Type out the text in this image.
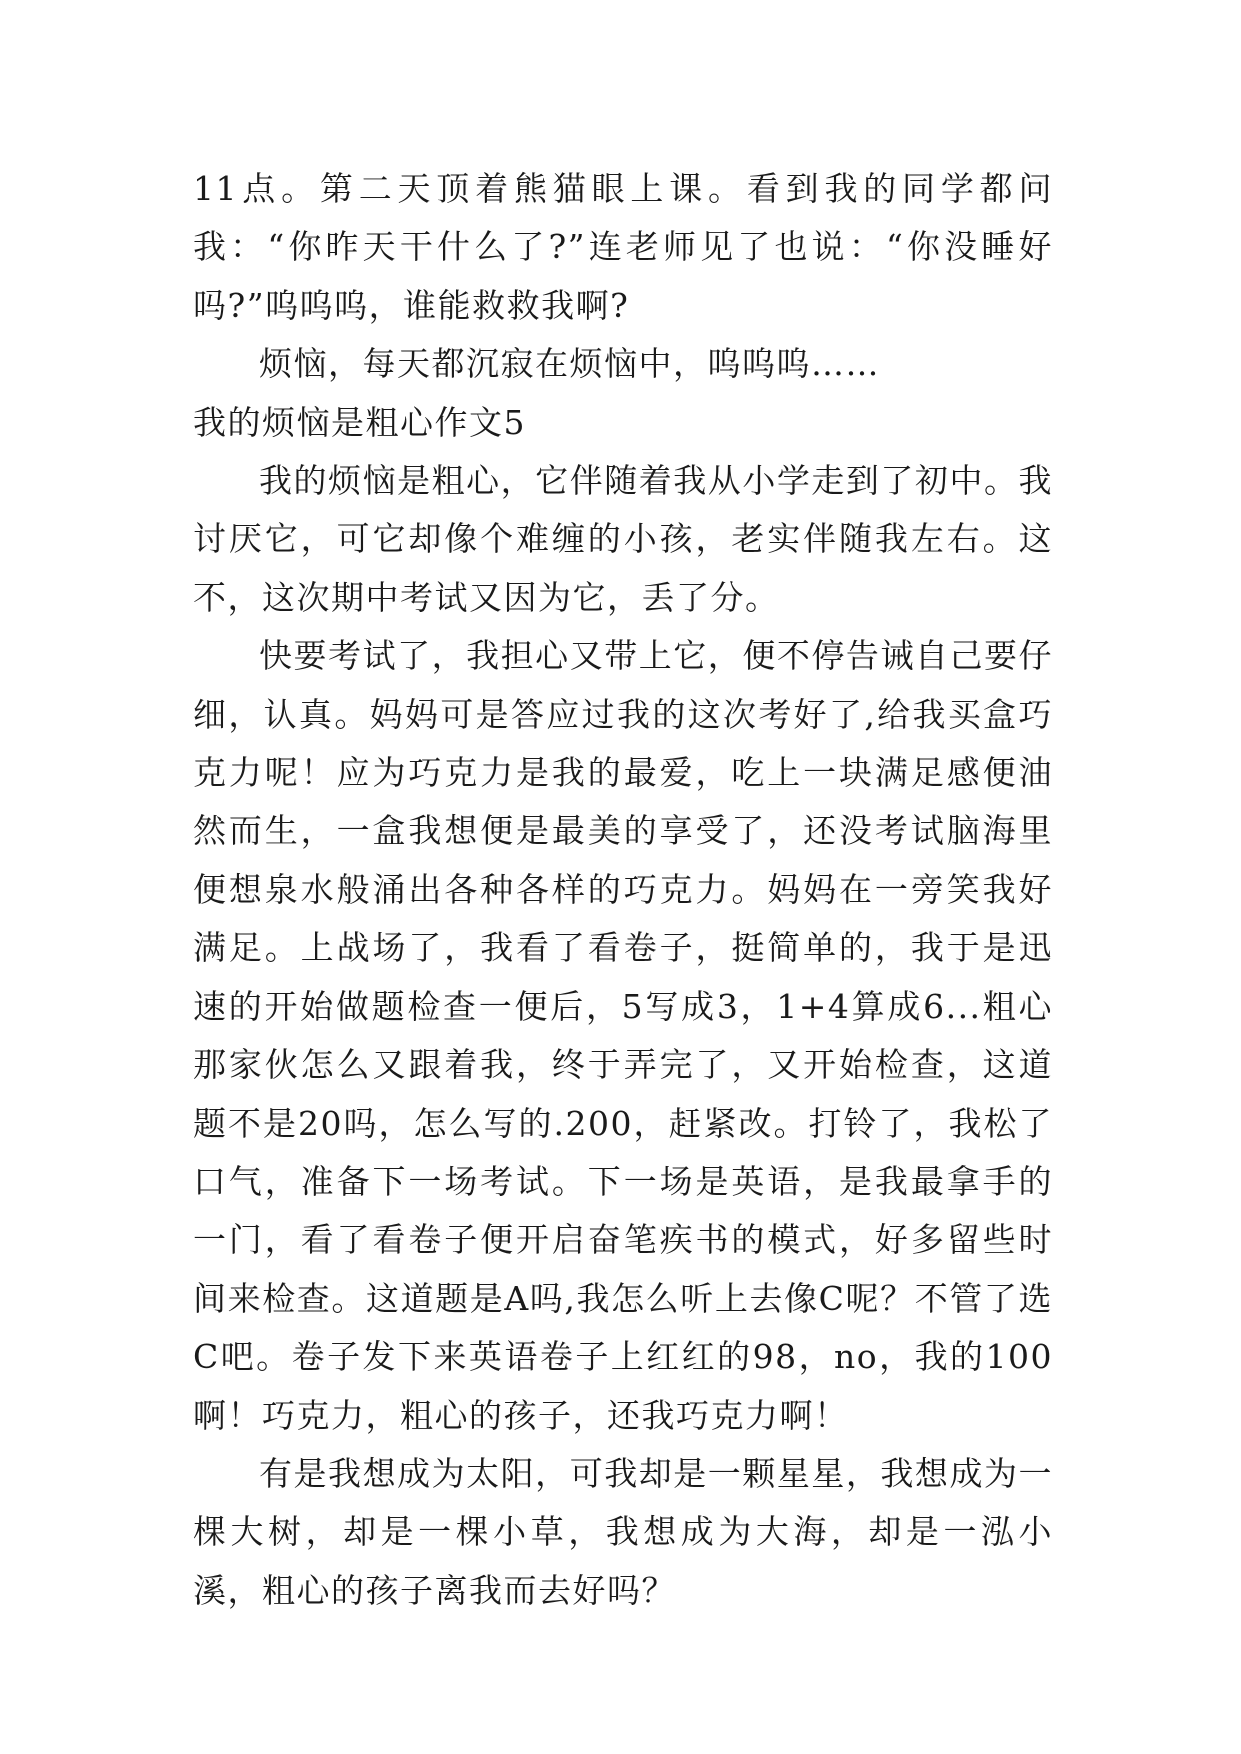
11点。第二天顶着熊猫眼上课。看到我的同学都问我：“你昨天干什么了?”连老师见了也说：“你没睡好吗?”呜呜呜，谁能救救我啊?

烦恼，每天都沉寂在烦恼中，呜呜呜……

我的烦恼是粗心作文5

我的烦恼是粗心，它伴随着我从小学走到了初中。我讨厌它，可它却像个难缠的小孩，老实伴随我左右。这不，这次期中考试又因为它，丢了分。

快要考试了，我担心又带上它，便不停告诫自己要仔细，认真。妈妈可是答应过我的这次考好了,给我买盒巧克力呢！应为巧克力是我的最爱，吃上一块满足感便油然而生，一盒我想便是最美的享受了，还没考试脑海里便想泉水般涌出各种各样的巧克力。妈妈在一旁笑我好满足。上战场了，我看了看卷子，挺简单的，我于是迅速的开始做题检查一便后，5写成3，1+4算成6...粗心那家伙怎么又跟着我，终于弄完了，又开始检查，这道题不是20吗，怎么写的.200，赶紧改。打铃了，我松了口气，准备下一场考试。下一场是英语，是我最拿手的一门，看了看卷子便开启奋笔疾书的模式，好多留些时间来检查。这道题是A吗,我怎么听上去像C呢？不管了选C吧。卷子发下来英语卷子上红红的98，no，我的100啊！巧克力，粗心的孩子，还我巧克力啊！

有是我想成为太阳，可我却是一颗星星，我想成为一棵大树，却是一棵小草，我想成为大海，却是一泓小溪，粗心的孩子离我而去好吗？
